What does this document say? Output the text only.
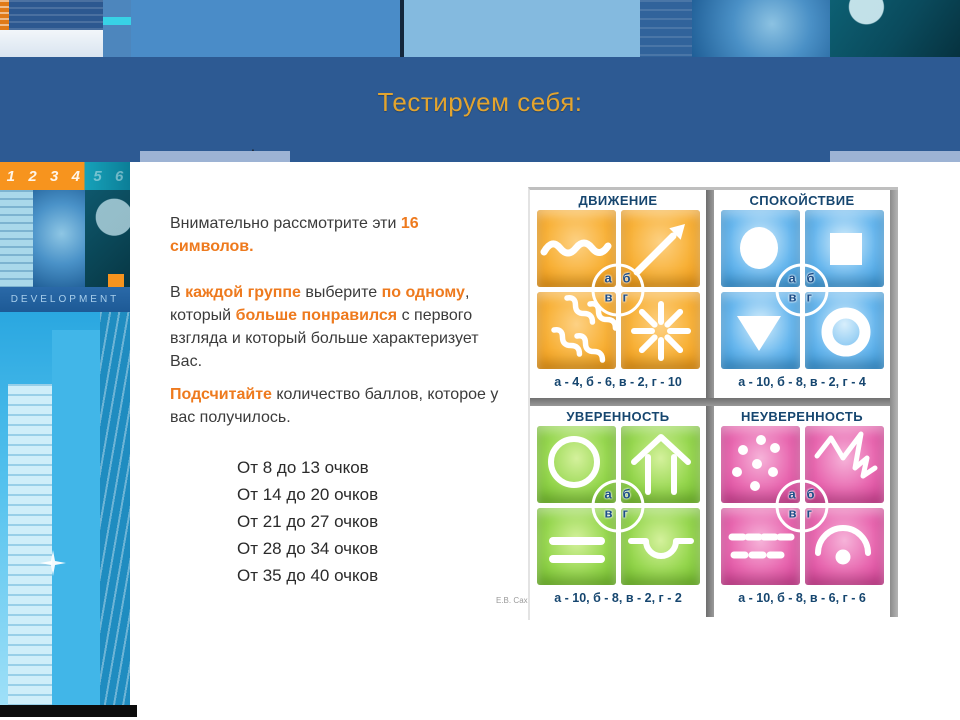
Тестируем себя:
.
1 2 3 4 5 6
DEVELOPMENT

Внимательно рассмотрите эти 16 символов.

В каждой группе выберите по одному, который больше понравился с первого взгляда и который больше характеризует Вас.

Подсчитайте количество баллов, которое у вас получилось.

От 8 до 13 очков
От 14 до 20 очков
От 21 до 27 очков
От 28 до 34 очков
От 35 до 40 очков
ДВИЖЕНИЕ
а б
в г
а - 4, б - 6, в - 2, г - 10
СПОКОЙСТВИЕ
а б
в г
а - 10, б - 8, в - 2, г - 4
УВЕРЕННОСТЬ
а б
в г
а - 10, б - 8, в - 2, г - 2
НЕУВЕРЕННОСТЬ
а б
в г
а - 10, б - 8, в - 6, г - 6
Е.В. Сах
